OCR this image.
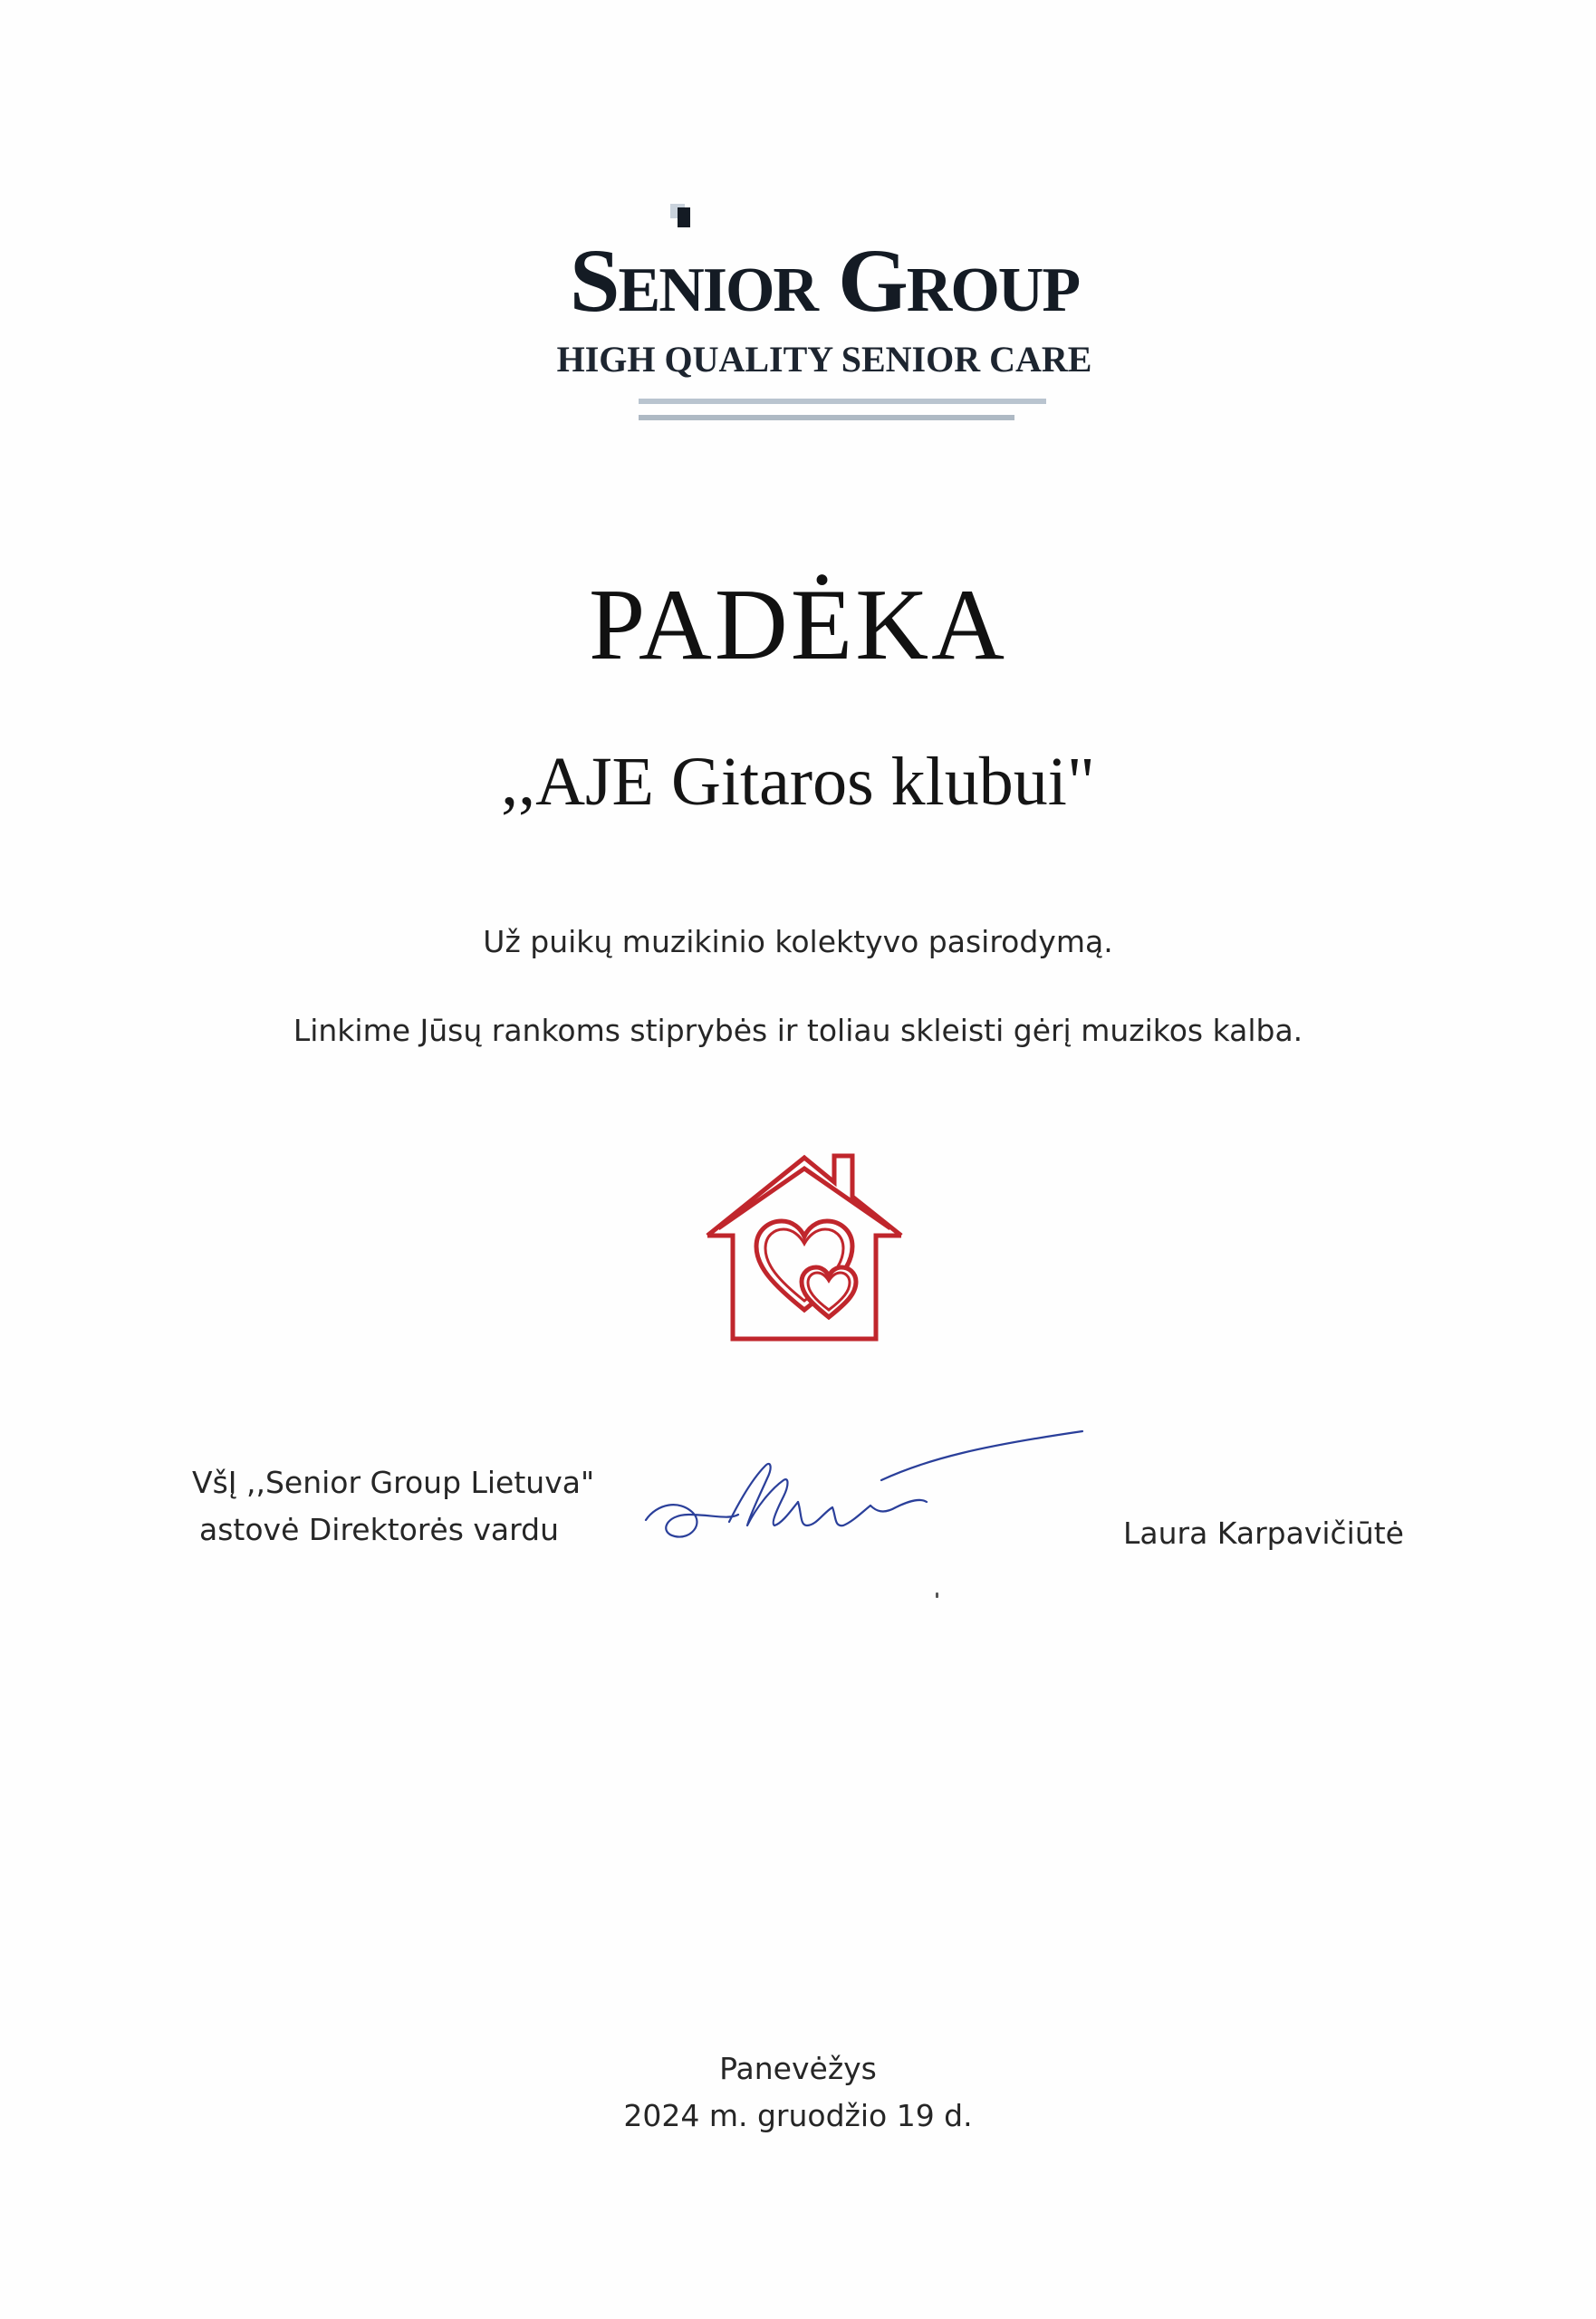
Senior Group
HIGH QUALITY SENIOR CARE
PADĖKA
,,AJE Gitaros klubui"
Už puikų muzikinio kolektyvo pasirodymą.
Linkime Jūsų rankoms stiprybės ir toliau skleisti gėrį muzikos kalba.
VšĮ ,,Senior Group Lietuva"
astovė Direktorės vardu	Laura Karpavičiūtė
Panevėžys
2024 m. gruodžio 19 d.
